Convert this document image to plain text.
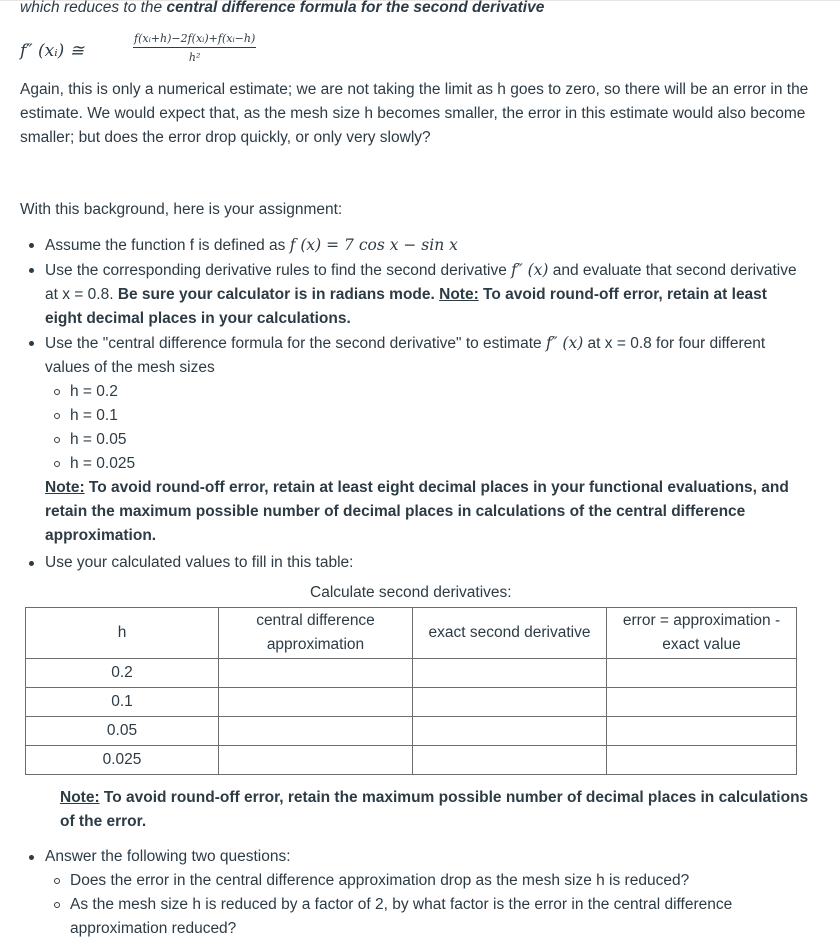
which reduces to the central difference formula for the second derivative
f″ (xᵢ) ≅	$\frac{\text{f(xᵢ+h)−2f(xᵢ)+f(xᵢ−h)}}{\text{h²}}$

Again, this is only a numerical estimate; we are not taking the limit as h goes to zero, so there will be an error in the estimate. We would expect that, as the mesh size h becomes smaller, the error in this estimate would also become smaller; but does the error drop quickly, or only very slowly?

With this background, here is your assignment:

Assume the function f is defined as f (x) = 7 cos x − sin x
Use the corresponding derivative rules to find the second derivative f″ (x) and evaluate that second derivative at x = 0.8. Be sure your calculator is in radians mode. Note: To avoid round-off error, retain at least eight decimal places in your calculations.
Use the "central difference formula for the second derivative" to estimate f″ (x) at x = 0.8 for four different values of the mesh sizes
h = 0.2
h = 0.1
h = 0.05
h = 0.025
Note: To avoid round-off error, retain at least eight decimal places in your functional evaluations, and retain the maximum possible number of decimal places in calculations of the central difference approximation.
Use your calculated values to fill in this table:
Calculate second derivatives:
h	central difference approximation	exact second derivative	error = approximation - exact value
0.2			
0.1			
0.05			
0.025			
Note: To avoid round-off error, retain the maximum possible number of decimal places in calculations of the error.
Answer the following two questions:
Does the error in the central difference approximation drop as the mesh size h is reduced?
As the mesh size h is reduced by a factor of 2, by what factor is the error in the central difference approximation reduced?
